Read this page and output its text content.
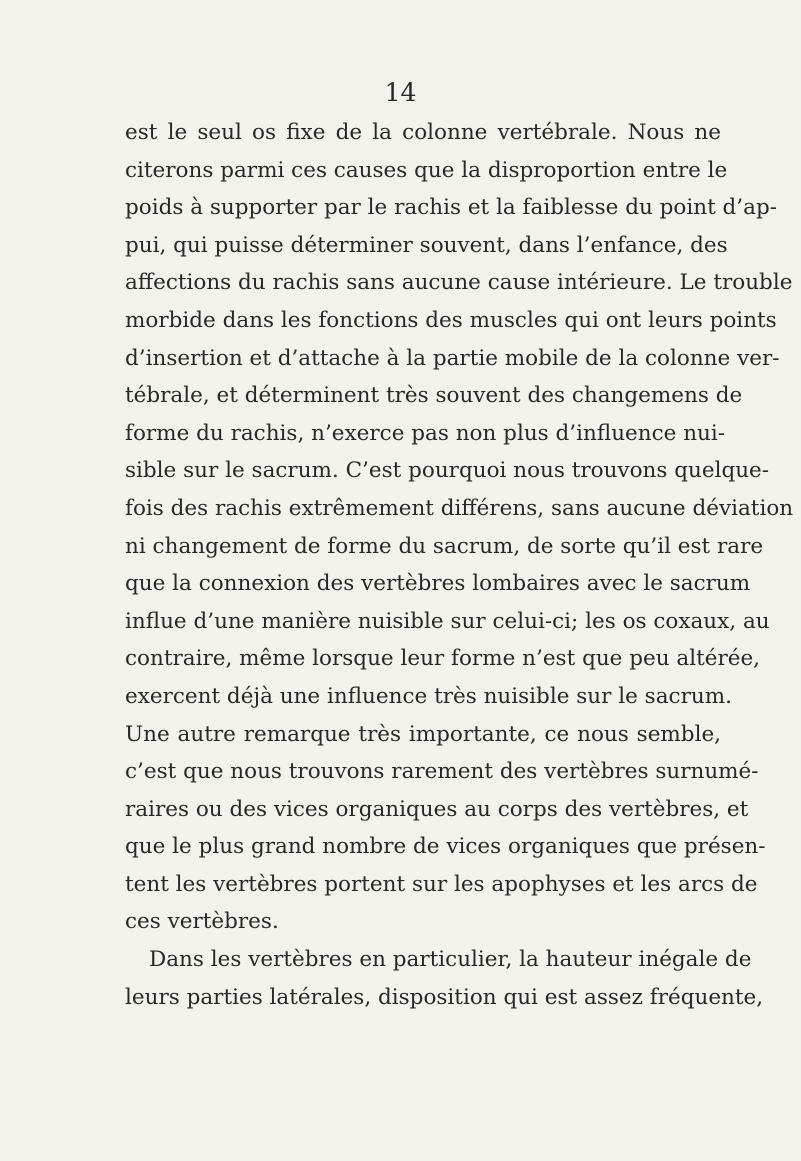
14
est le seul os fixe de la colonne vertébrale. Nous ne
citerons parmi ces causes que la disproportion entre le
poids à supporter par le rachis et la faiblesse du point d’ap-
pui, qui puisse déterminer souvent, dans l’enfance, des
affections du rachis sans aucune cause intérieure. Le trouble
morbide dans les fonctions des muscles qui ont leurs points
d’insertion et d’attache à la partie mobile de la colonne ver-
tébrale, et déterminent très souvent des changemens de
forme du rachis, n’exerce pas non plus d’influence nui-
sible sur le sacrum. C’est pourquoi nous trouvons quelque-
fois des rachis extrêmement différens, sans aucune déviation
ni changement de forme du sacrum, de sorte qu’il est rare
que la connexion des vertèbres lombaires avec le sacrum
influe d’une manière nuisible sur celui-ci; les os coxaux, au
contraire, même lorsque leur forme n’est que peu altérée,
exercent déjà une influence très nuisible sur le sacrum.
Une autre remarque très importante, ce nous semble,
c’est que nous trouvons rarement des vertèbres surnumé-
raires ou des vices organiques au corps des vertèbres, et
que le plus grand nombre de vices organiques que présen-
tent les vertèbres portent sur les apophyses et les arcs de
ces vertèbres.
Dans les vertèbres en particulier, la hauteur inégale de
leurs parties latérales, disposition qui est assez fréquente,
